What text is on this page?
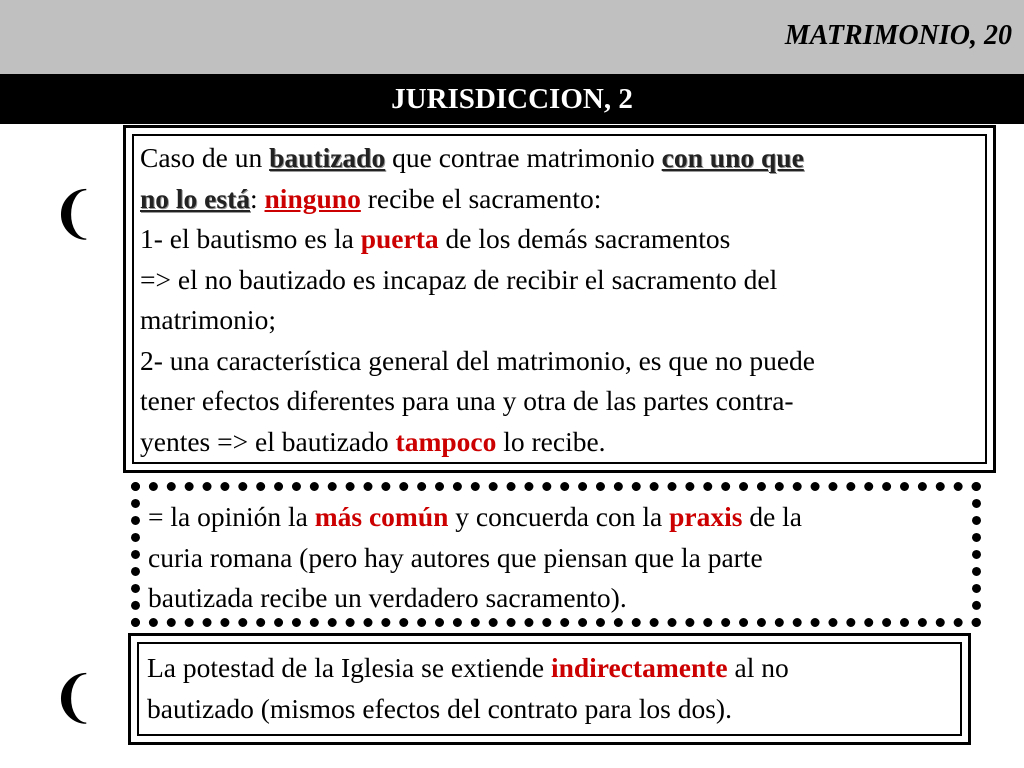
MATRIMONIO, 20
JURISDICCION, 2
❨
❨
Caso de un bautizado que contrae matrimonio con uno que
no lo está: ninguno recibe el sacramento:
1- el bautismo es la puerta de los demás sacramentos
=> el no bautizado es incapaz de recibir el sacramento del
matrimonio;
2- una característica general del matrimonio, es que no puede
tener efectos diferentes para una y otra de las partes contra-
yentes => el bautizado tampoco lo recibe.
= la opinión la más común y concuerda con la praxis de la
curia romana (pero hay autores que piensan que la parte
bautizada recibe un verdadero sacramento).
La potestad de la Iglesia se extiende indirectamente al no
bautizado (mismos efectos del contrato para los dos).
